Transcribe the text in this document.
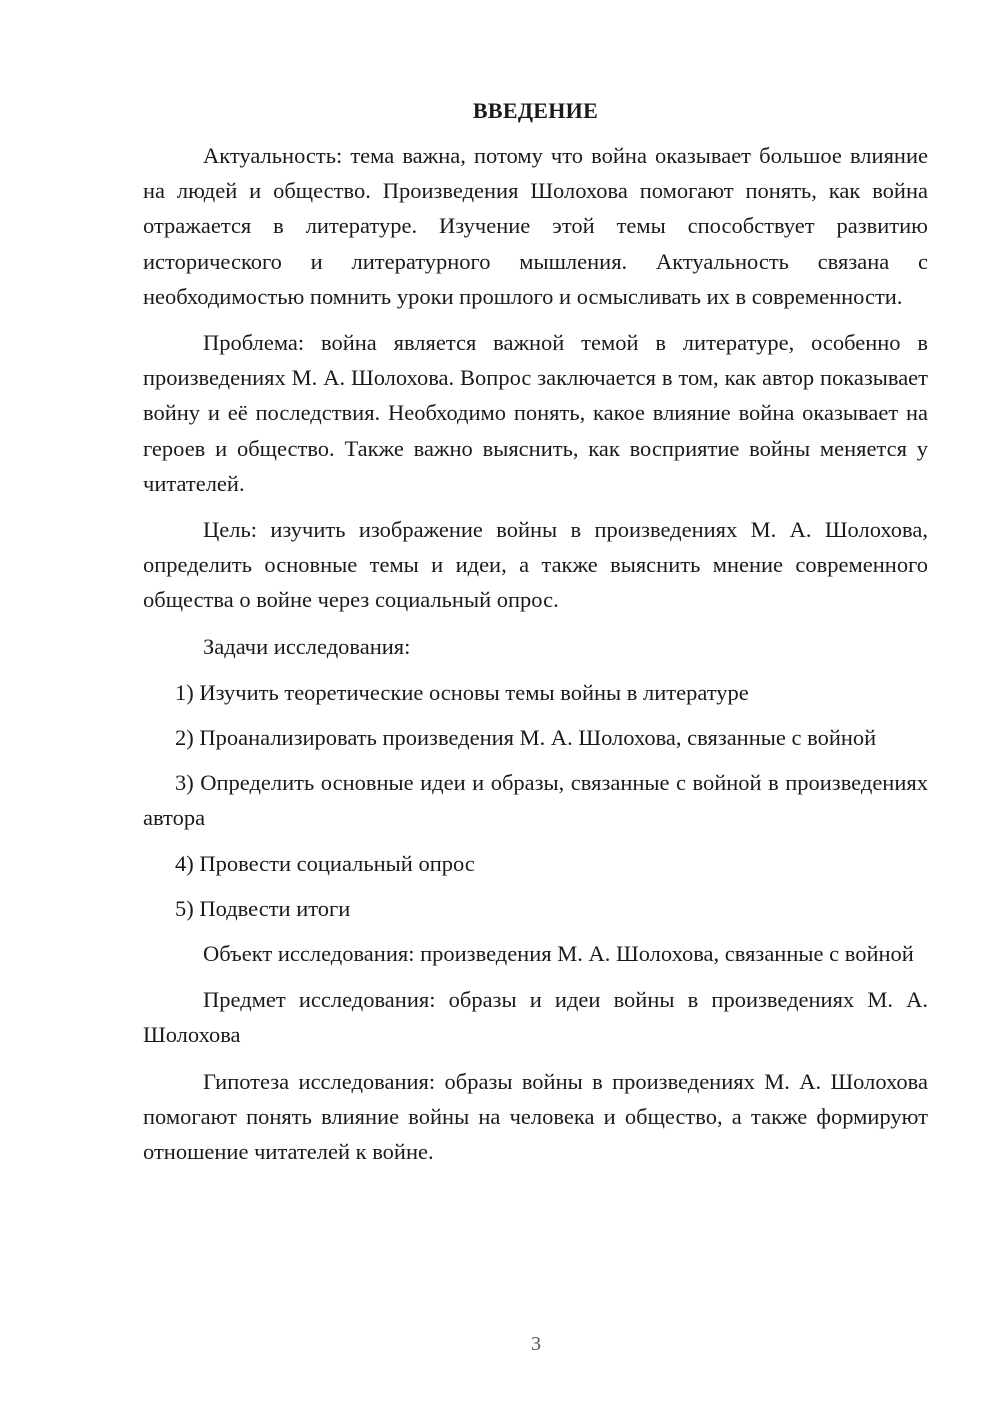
ВВЕДЕНИЕ

Актуальность: тема важна, потому что война оказывает большое влияние на людей и общество. Произведения Шолохова помогают понять, как война отражается в литературе. Изучение этой темы способствует развитию исторического и литературного мышления. Актуальность связана с необходимостью помнить уроки прошлого и осмысливать их в современности.

Проблема: война является важной темой в литературе, особенно в произведениях М. А. Шолохова. Вопрос заключается в том, как автор показывает войну и её последствия. Необходимо понять, какое влияние война оказывает на героев и общество. Также важно выяснить, как восприятие войны меняется у читателей.

Цель: изучить изображение войны в произведениях М. А. Шолохова, определить основные темы и идеи, а также выяснить мнение современного общества о войне через социальный опрос.

Задачи исследования:

1) Изучить теоретические основы темы войны в литературе

2) Проанализировать произведения М. А. Шолохова, связанные с войной

3) Определить основные идеи и образы, связанные с войной в произведениях автора

4) Провести социальный опрос

5) Подвести итоги

Объект исследования: произведения М. А. Шолохова, связанные с войной

Предмет исследования: образы и идеи войны в произведениях М. А. Шолохова

Гипотеза исследования: образы войны в произведениях М. А. Шолохова помогают понять влияние войны на человека и общество, а также формируют отношение читателей к войне.

3
